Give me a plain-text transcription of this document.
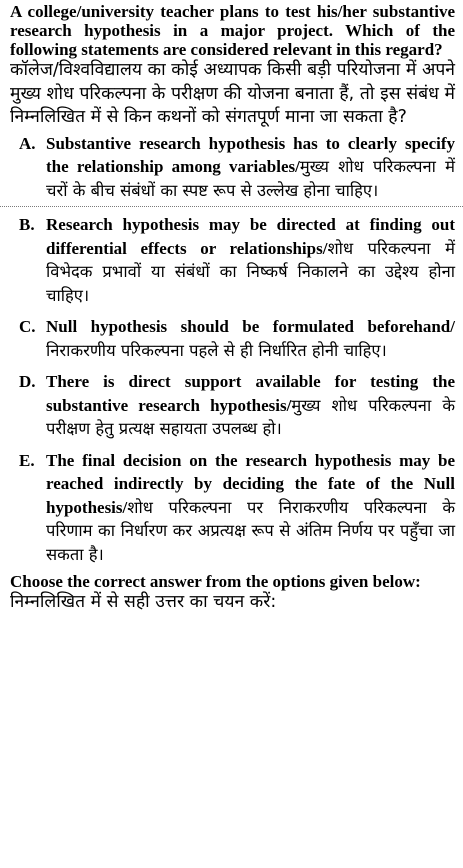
A college/university teacher plans to test his/her substantive research hypothesis in a major project. Which of the following statements are considered relevant in this regard?

कॉलेज/विश्वविद्यालय का कोई अध्यापक किसी बड़ी परियोजना में अपने मुख्य शोध परिकल्पना के परीक्षण की योजना बनाता हैं, तो इस संबंध में निम्नलिखित में से किन कथनों को संगतपूर्ण माना जा सकता है?

A. Substantive research hypothesis has to clearly specify the relationship among variables/मुख्य शोध परिकल्पना में चरों के बीच संबंधों का स्पष्ट रूप से उल्लेख होना चाहिए।
B. Research hypothesis may be directed at finding out differential effects or relationships/शोध परिकल्पना में विभेदक प्रभावों या संबंधों का निष्कर्ष निकालने का उद्देश्य होना चाहिए।
C. Null hypothesis should be formulated beforehand/निराकरणीय परिकल्पना पहले से ही निर्धारित होनी चाहिए।
D. There is direct support available for testing the substantive research hypothesis/मुख्य शोध परिकल्पना के परीक्षण हेतु प्रत्यक्ष सहायता उपलब्ध हो।
E. The final decision on the research hypothesis may be reached indirectly by deciding the fate of the Null hypothesis/शोध परिकल्पना पर निराकरणीय परिकल्पना के परिणाम का निर्धारण कर अप्रत्यक्ष रूप से अंतिम निर्णय पर पहुँचा जा सकता है।

Choose the correct answer from the options given below:

निम्नलिखित में से सही उत्तर का चयन करें:
